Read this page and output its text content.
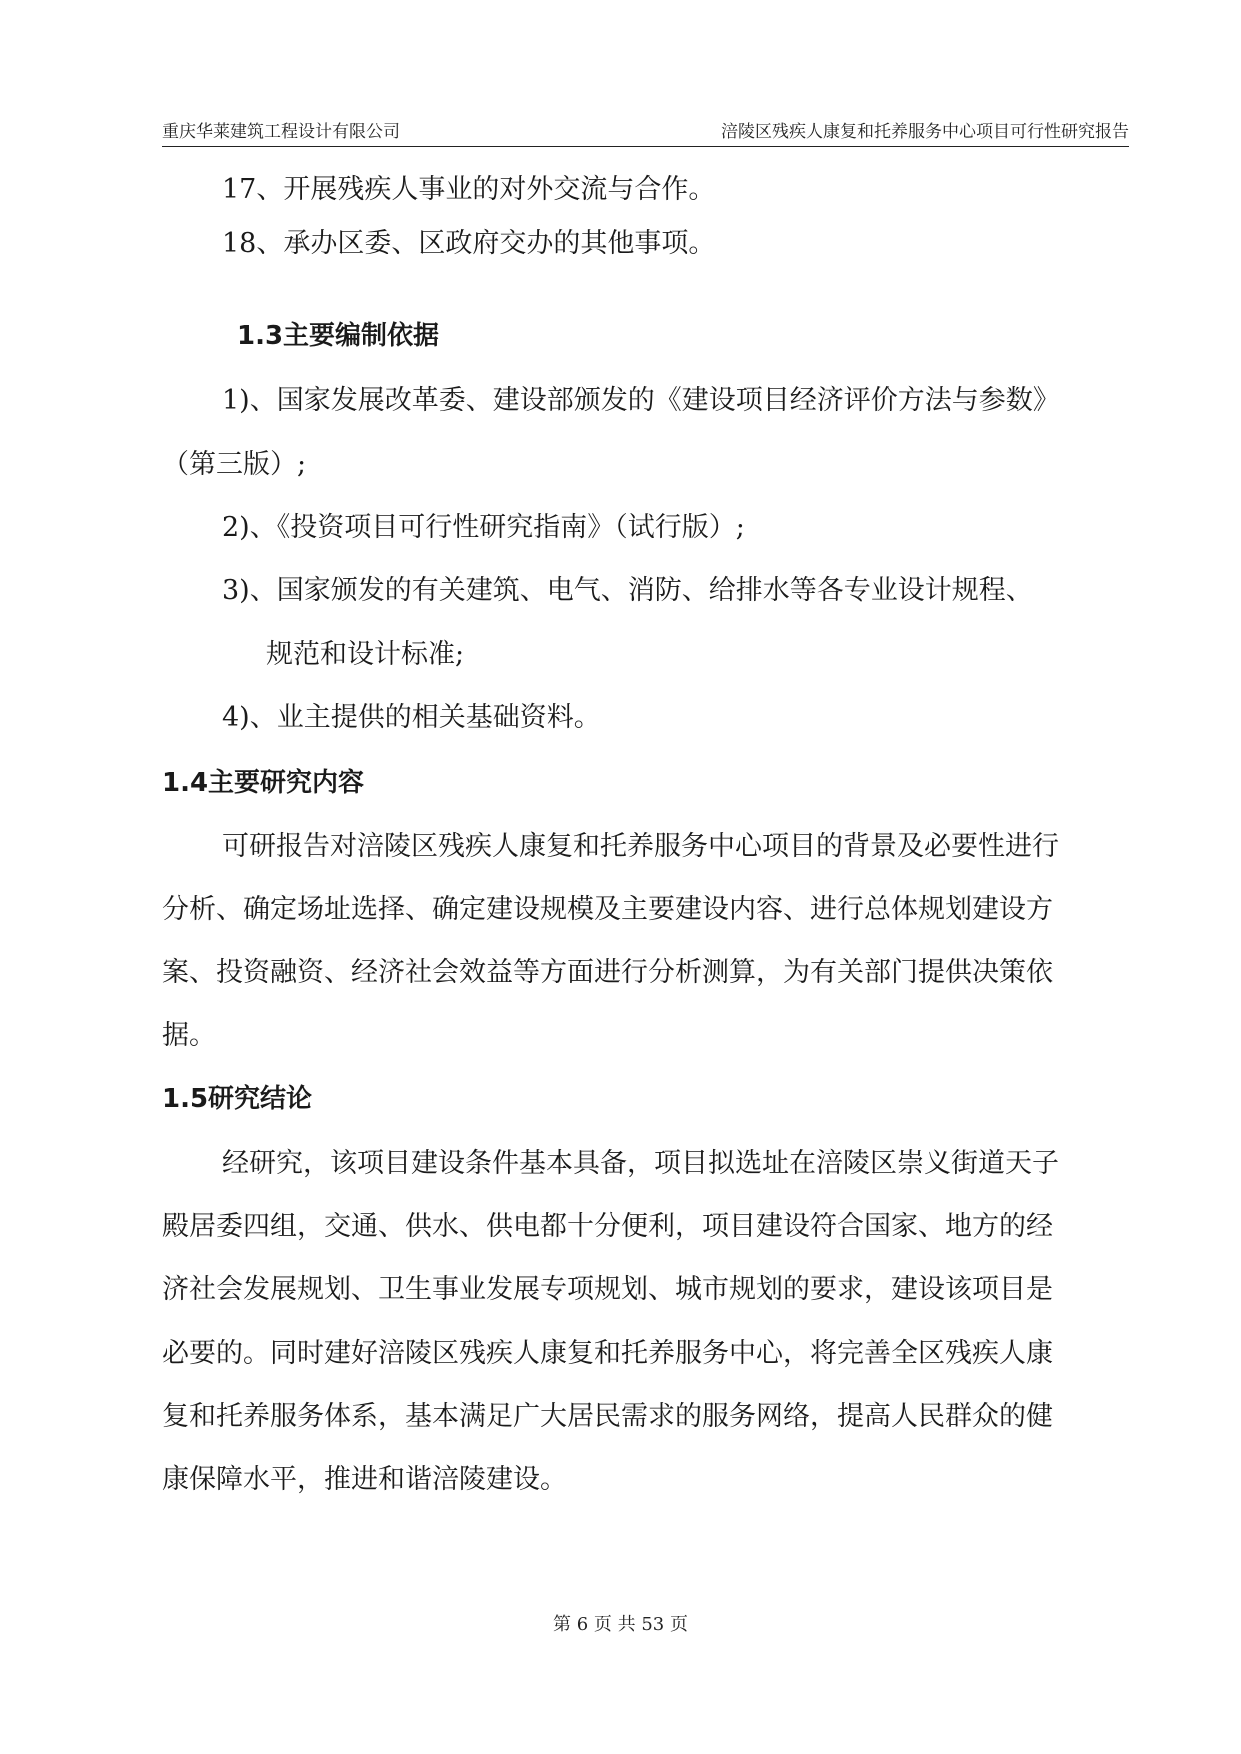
重庆华莱建筑工程设计有限公司	涪陵区残疾人康复和托养服务中心项目可行性研究报告
17、开展残疾人事业的对外交流与合作。
18、承办区委、区政府交办的其他事项。
1.3主要编制依据
1)、国家发展改革委、建设部颁发的《建设项目经济评价方法与参数》
（第三版）;
2)、《投资项目可行性研究指南》（试行版）;
3)、国家颁发的有关建筑、电气、消防、给排水等各专业设计规程、
规范和设计标准;
4)、业主提供的相关基础资料。
1.4主要研究内容
可研报告对涪陵区残疾人康复和托养服务中心项目的背景及必要性进行
分析、确定场址选择、确定建设规模及主要建设内容、进行总体规划建设方
案、投资融资、经济社会效益等方面进行分析测算，为有关部门提供决策依
据。
1.5研究结论
经研究，该项目建设条件基本具备，项目拟选址在涪陵区崇义街道天子
殿居委四组，交通、供水、供电都十分便利，项目建设符合国家、地方的经
济社会发展规划、卫生事业发展专项规划、城市规划的要求，建设该项目是
必要的。同时建好涪陵区残疾人康复和托养服务中心，将完善全区残疾人康
复和托养服务体系，基本满足广大居民需求的服务网络，提高人民群众的健
康保障水平，推进和谐涪陵建设。
第 6 页 共 53 页
